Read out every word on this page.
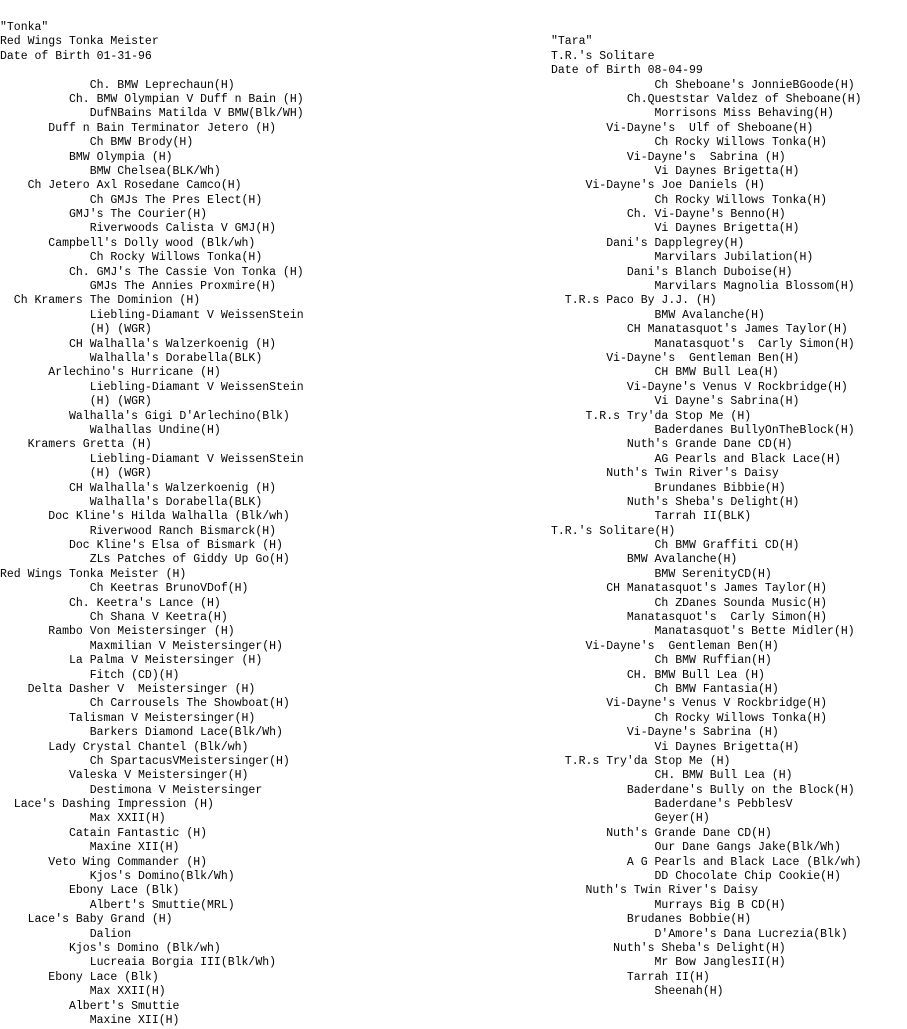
"Tonka"
Red Wings Tonka Meister
Date of Birth 01-31-96
Ch. BMW Leprechaun(H)
Ch. BMW Olympian V Duff n Bain (H)
DufNBains Matilda V BMW(Blk/WH)
Duff n Bain Terminator Jetero (H)
Ch BMW Brody(H)
BMW Olympia (H)
BMW Chelsea(BLK/Wh)
Ch Jetero Axl Rosedane Camco(H)
Ch GMJs The Pres Elect(H)
GMJ's The Courier(H)
Riverwoods Calista V GMJ(H)
Campbell's Dolly wood (Blk/wh)
Ch Rocky Willows Tonka(H)
Ch. GMJ's The Cassie Von Tonka (H)
GMJs The Annies Proxmire(H)
Ch Kramers The Dominion (H)
Liebling-Diamant V WeissenStein
(H) (WGR)
CH Walhalla's Walzerkoenig (H)
Walhalla's Dorabella(BLK)
Arlechino's Hurricane (H)
Liebling-Diamant V WeissenStein
(H) (WGR)
Walhalla's Gigi D'Arlechino(Blk)
Walhallas Undine(H)
Kramers Gretta (H)
Liebling-Diamant V WeissenStein
(H) (WGR)
CH Walhalla's Walzerkoenig (H)
Walhalla's Dorabella(BLK)
Doc Kline's Hilda Walhalla (Blk/wh)
Riverwood Ranch Bismarck(H)
Doc Kline's Elsa of Bismark (H)
ZLs Patches of Giddy Up Go(H)
Red Wings Tonka Meister (H)
Ch Keetras BrunoVDof(H)
Ch. Keetra's Lance (H)
Ch Shana V Keetra(H)
Rambo Von Meistersinger (H)
Maxmilian V Meistersinger(H)
La Palma V Meistersinger (H)
Fitch (CD)(H)
Delta Dasher V  Meistersinger (H)
Ch Carrousels The Showboat(H)
Talisman V Meistersinger(H)
Barkers Diamond Lace(Blk/Wh)
Lady Crystal Chantel (Blk/wh)
Ch SpartacusVMeistersinger(H)
Valeska V Meistersinger(H)
Destimona V Meistersinger
Lace's Dashing Impression (H)
Max XXII(H)
Catain Fantastic (H)
Maxine XII(H)
Veto Wing Commander (H)
Kjos's Domino(Blk/Wh)
Ebony Lace (Blk)
Albert's Smuttie(MRL)
Lace's Baby Grand (H)
Dalion
Kjos's Domino (Blk/wh)
Lucreaia Borgia III(Blk/Wh)
Ebony Lace (Blk)
Max XXII(H)
Albert's Smuttie
Maxine XII(H)
"Tara"
T.R.'s Solitare
Date of Birth 08-04-99
Ch Sheboane's JonnieBGoode(H)
Ch.Queststar Valdez of Sheboane(H)
Morrisons Miss Behaving(H)
Vi-Dayne's  Ulf of Sheboane(H)
Ch Rocky Willows Tonka(H)
Vi-Dayne's  Sabrina (H)
Vi Daynes Brigetta(H)
Vi-Dayne's Joe Daniels (H)
Ch Rocky Willows Tonka(H)
Ch. Vi-Dayne's Benno(H)
Vi Daynes Brigetta(H)
Dani's Dapplegrey(H)
Marvilars Jubilation(H)
Dani's Blanch Duboise(H)
Marvilars Magnolia Blossom(H)
T.R.s Paco By J.J. (H)
BMW Avalanche(H)
CH Manatasquot's James Taylor(H)
Manatasquot's  Carly Simon(H)
Vi-Dayne's  Gentleman Ben(H)
CH BMW Bull Lea(H)
Vi-Dayne's Venus V Rockbridge(H)
Vi Dayne's Sabrina(H)
T.R.s Try'da Stop Me (H)
Baderdanes BullyOnTheBlock(H)
Nuth's Grande Dane CD(H)
AG Pearls and Black Lace(H)
Nuth's Twin River's Daisy
Brundanes Bibbie(H)
Nuth's Sheba's Delight(H)
Tarrah II(BLK)
T.R.'s Solitare(H)
Ch BMW Graffiti CD(H)
BMW Avalanche(H)
BMW SerenityCD(H)
CH Manatasquot's James Taylor(H)
Ch ZDanes Sounda Music(H)
Manatasquot's  Carly Simon(H)
Manatasquot's Bette Midler(H)
Vi-Dayne's  Gentleman Ben(H)
Ch BMW Ruffian(H)
CH. BMW Bull Lea (H)
Ch BMW Fantasia(H)
Vi-Dayne's Venus V Rockbridge(H)
Ch Rocky Willows Tonka(H)
Vi-Dayne's Sabrina (H)
Vi Daynes Brigetta(H)
T.R.s Try'da Stop Me (H)
CH. BMW Bull Lea (H)
Baderdane's Bully on the Block(H)
Baderdane's PebblesV
Geyer(H)
Nuth's Grande Dane CD(H)
Our Dane Gangs Jake(Blk/Wh)
A G Pearls and Black Lace (Blk/wh)
DD Chocolate Chip Cookie(H)
Nuth's Twin River's Daisy
Murrays Big B CD(H)
Brudanes Bobbie(H)
D'Amore's Dana Lucrezia(Blk)
Nuth's Sheba's Delight(H)
Mr Bow JanglesII(H)
Tarrah II(H)
Sheenah(H)
